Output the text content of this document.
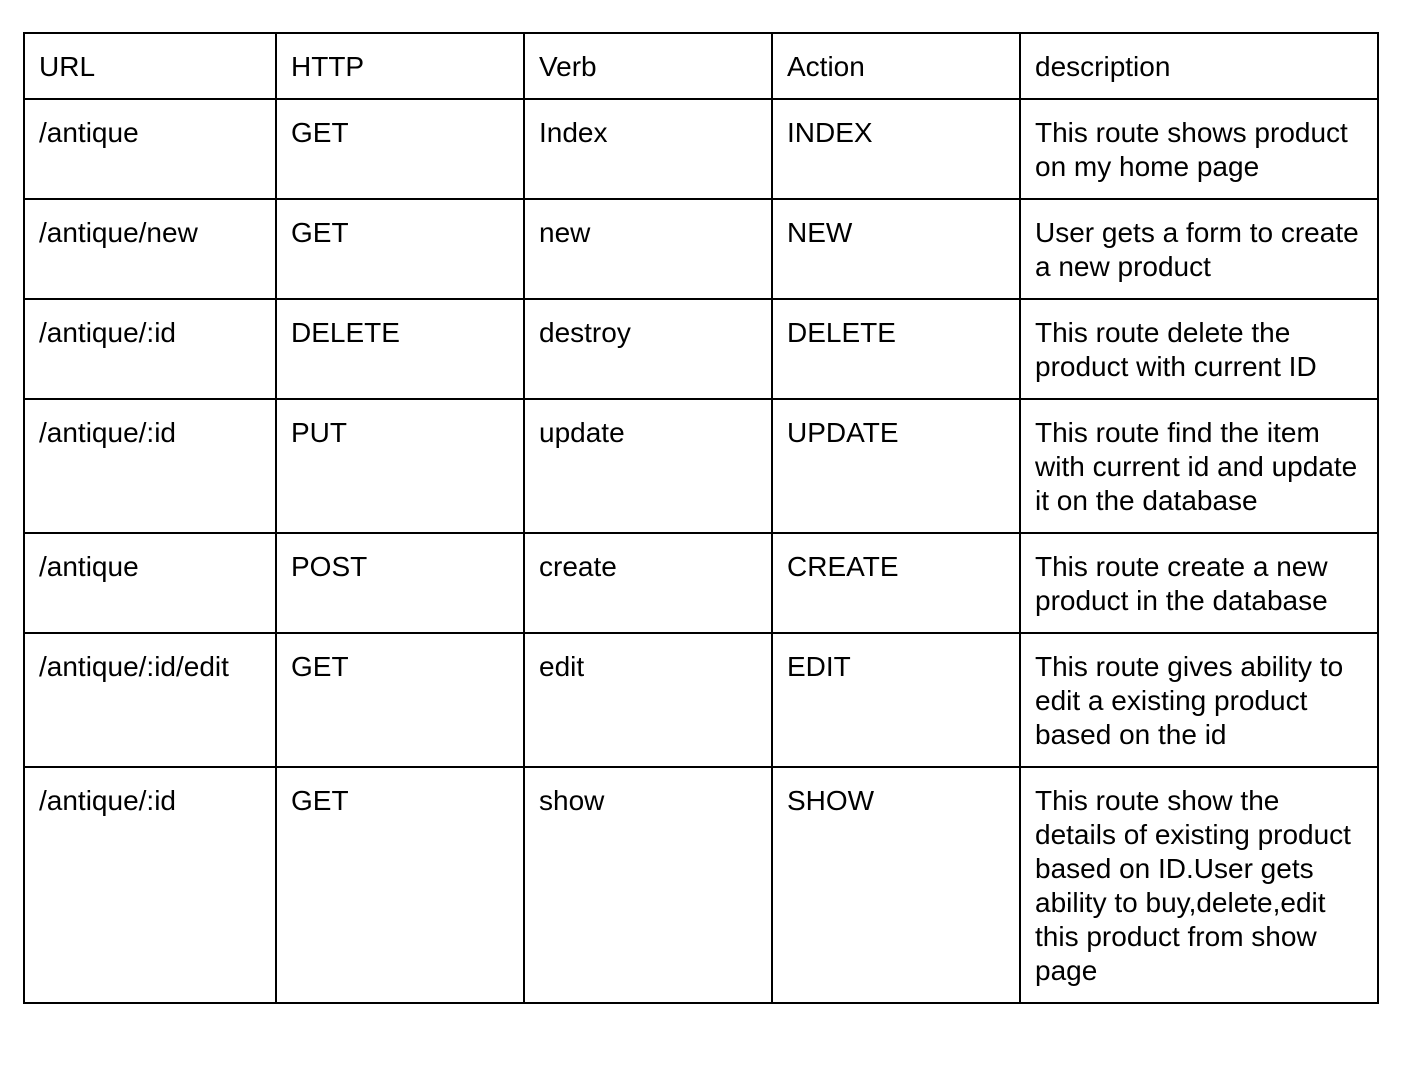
URL	HTTP	Verb	Action	description
/antique	GET	Index	INDEX	This route shows product on my home page
/antique/new	GET	new	NEW	User gets a form to create a new product
/antique/:id	DELETE	destroy	DELETE	This route delete the product with current ID
/antique/:id	PUT	update	UPDATE	This route find the item with current id and update it on the database
/antique	POST	create	CREATE	This route create a new product in the database
/antique/:id/edit	GET	edit	EDIT	This route gives ability to edit a existing product based on the id
/antique/:id	GET	show	SHOW	This route show the details of existing product based on ID.User gets ability to buy,delete,edit this product from show page
